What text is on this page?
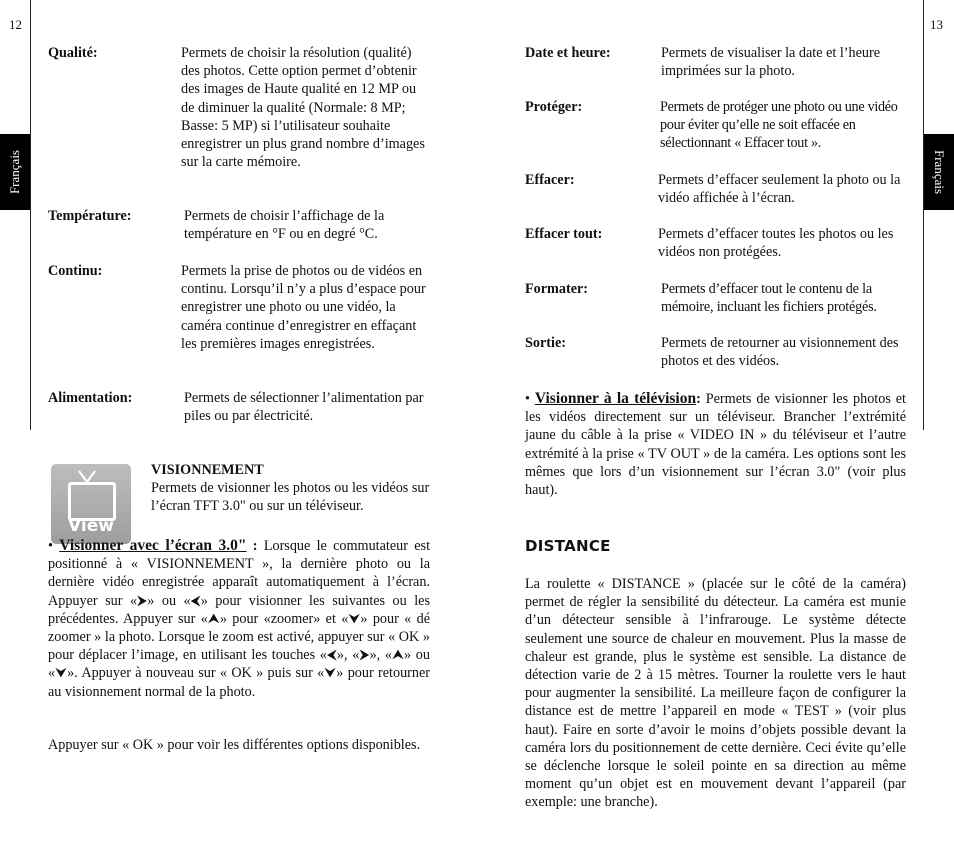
12	13
Français	Français
Qualité:	Permets de choisir la résolution (qualité) des photos. Cette option permet d’obtenir des images de Haute qualité en 12 MP ou de diminuer la qualité (Normale: 8 MP; Basse: 5 MP) si l’utilisateur souhaite enregistrer un plus grand nombre d’images sur la carte mémoire.
Température:	Permets de choisir l’affichage de la température en °F ou en degré °C.
Continu:	Permets la prise de photos ou de vidéos en continu. Lorsqu’il n’y a plus d’espace pour enregistrer une photo ou une vidéo, la caméra continue d’enregistrer en effaçant les premières images enregistrées.
Alimentation:	Permets de sélectionner l’alimentation par piles ou par électricité.
View
VISIONNEMENT
Permets de visionner les photos ou les vidéos sur l’écran TFT 3.0" ou sur un téléviseur.
• Visionner avec l’écran 3.0" : Lorsque le commutateur est positionné à « VISIONNEMENT », la dernière photo ou la dernière vidéo enregistrée apparaît automatiquement à l’écran. Appuyer sur «⮞» ou «⮜» pour visionner les suivantes ou les précédentes. Appuyer sur «⮝» pour «zoomer» et «⮟» pour « dé zoomer » la photo. Lorsque le zoom est activé, appuyer sur « OK » pour déplacer l’image, en utilisant les touches «⮜», «⮞», «⮝» ou «⮟». Appuyer à nouveau sur « OK » puis sur «⮟» pour retourner au visionnement normal de la photo.
Appuyer sur « OK » pour voir les différentes options disponibles.
Date et heure:	Permets de visualiser la date et l’heure imprimées sur la photo.
Protéger:	Permets de protéger une photo ou une vidéo pour éviter qu’elle ne soit effacée en sélectionnant « Effacer tout ».
Effacer:	Permets d’effacer seulement la photo ou la vidéo affichée à l’écran.
Effacer tout:	Permets d’effacer toutes les photos ou les vidéos non protégées.
Formater:	Permets d’effacer tout le contenu de la mémoire, incluant les fichiers protégés.
Sortie:	Permets de retourner au visionnement des photos et des vidéos.
• Visionner à la télévision: Permets de visionner les photos et les vidéos directement sur un téléviseur. Brancher l’extrémité jaune du câble à la prise « VIDEO IN » du téléviseur et l’autre extrémité à la prise « TV OUT » de la caméra. Les options sont les mêmes que lors d’un visionnement sur l’écran 3.0" (voir plus haut).
DISTANCE
La roulette « DISTANCE » (placée sur le côté de la caméra) permet de régler la sensibilité du détecteur. La caméra est munie d’un détecteur sensible à l’infrarouge. Le système détecte seulement une source de chaleur en mouvement. Plus la masse de chaleur est grande, plus le système est sensible. La distance de détection varie de 2 à 15 mètres. Tourner la roulette vers le haut pour augmenter la sensibilité. La meilleure façon de configurer la distance est de mettre l’appareil en mode « TEST » (voir plus haut). Faire en sorte d’avoir le moins d’objets possible devant la caméra lors du positionnement de cette dernière. Ceci évite qu’elle se déclenche lorsque le soleil pointe en sa direction au même moment qu’un objet est en mouvement devant l’appareil (par exemple: une branche).
